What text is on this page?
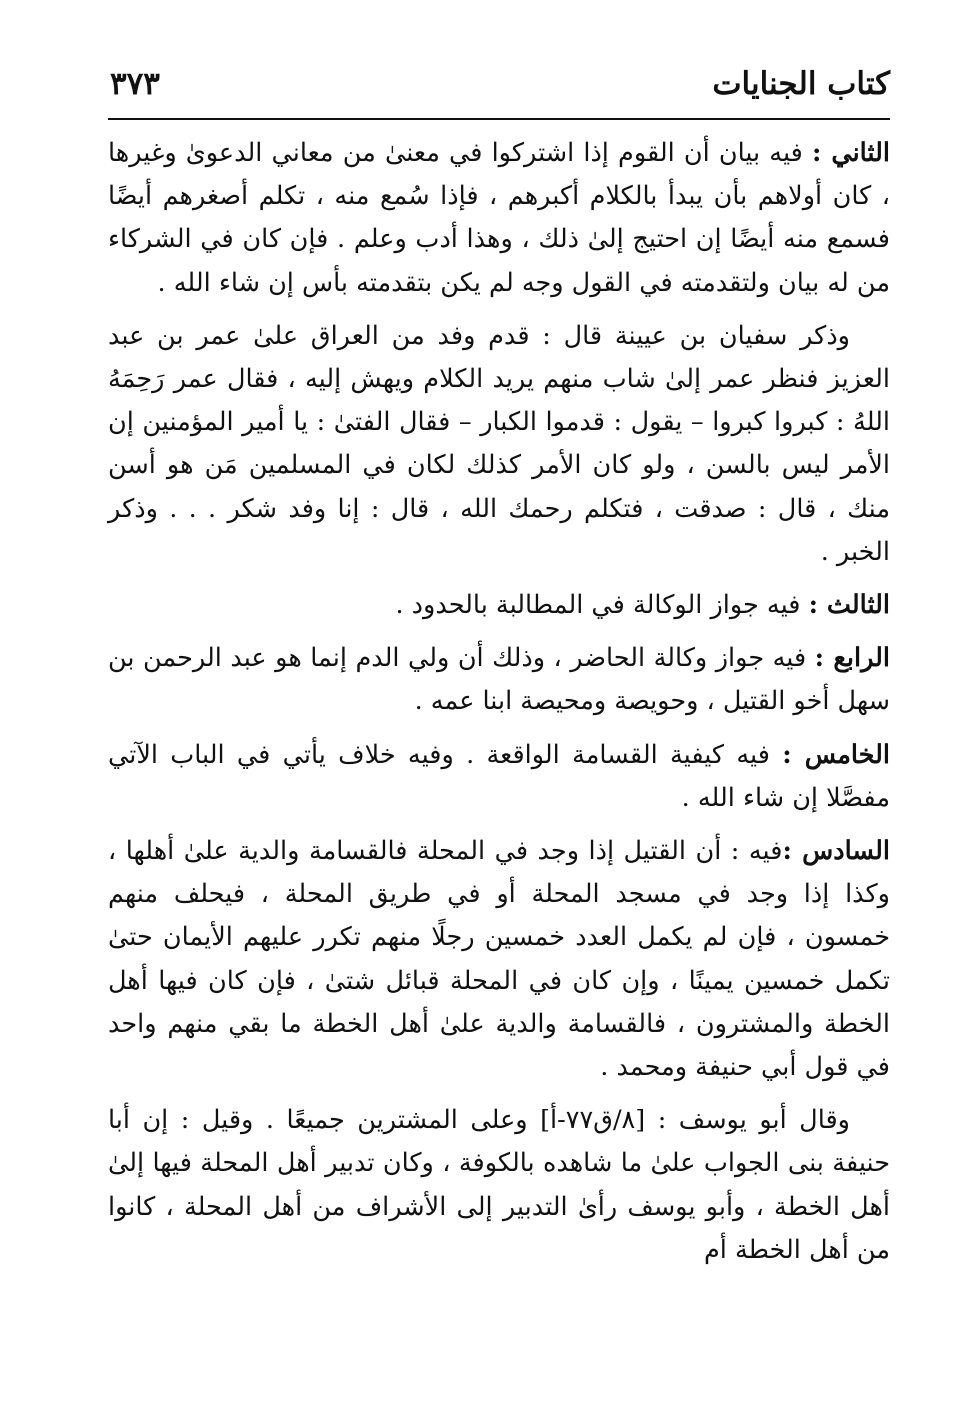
كتاب الجنايات
٣٧٣

الثاني : فيه بيان أن القوم إذا اشتركوا في معنىٰ من معاني الدعوىٰ وغيرها ، كان أولاهم بأن يبدأ بالكلام أكبرهم ، فإذا سُمع منه ، تكلم أصغرهم أيضًا فسمع منه أيضًا إن احتيج إلىٰ ذلك ، وهذا أدب وعلم . فإن كان في الشركاء من له بيان ولتقدمته في القول وجه لم يكن بتقدمته بأس إن شاء الله .

وذكر سفيان بن عيينة قال : قدم وفد من العراق علىٰ عمر بن عبد العزيز فنظر عمر إلىٰ شاب منهم يريد الكلام ويهش إليه ، فقال عمر رَحِمَهُ اللهُ : كبروا كبروا – يقول : قدموا الكبار – فقال الفتىٰ : يا أمير المؤمنين إن الأمر ليس بالسن ، ولو كان الأمر كذلك لكان في المسلمين مَن هو أسن منك ، قال : صدقت ، فتكلم رحمك الله ، قال : إنا وفد شكر . . . وذكر الخبر .

الثالث : فيه جواز الوكالة في المطالبة بالحدود .

الرابع : فيه جواز وكالة الحاضر ، وذلك أن ولي الدم إنما هو عبد الرحمن بن سهل أخو القتيل ، وحويصة ومحيصة ابنا عمه .

الخامس : فيه كيفية القسامة الواقعة . وفيه خلاف يأتي في الباب الآتي مفصَّلا إن شاء الله .

السادس :فيه : أن القتيل إذا وجد في المحلة فالقسامة والدية علىٰ أهلها ، وكذا إذا وجد في مسجد المحلة أو في طريق المحلة ، فيحلف منهم خمسون ، فإن لم يكمل العدد خمسين رجلًا منهم تكرر عليهم الأيمان حتىٰ تكمل خمسين يمينًا ، وإن كان في المحلة قبائل شتىٰ ، فإن كان فيها أهل الخطة والمشترون ، فالقسامة والدية علىٰ أهل الخطة ما بقي منهم واحد في قول أبي حنيفة ومحمد .

وقال أبو يوسف : [٨/ق٧٧-أ] وعلى المشترين جميعًا . وقيل : إن أبا حنيفة بنى الجواب علىٰ ما شاهده بالكوفة ، وكان تدبير أهل المحلة فيها إلىٰ أهل الخطة ، وأبو يوسف رأىٰ التدبير إلى الأشراف من أهل المحلة ، كانوا من أهل الخطة أم
